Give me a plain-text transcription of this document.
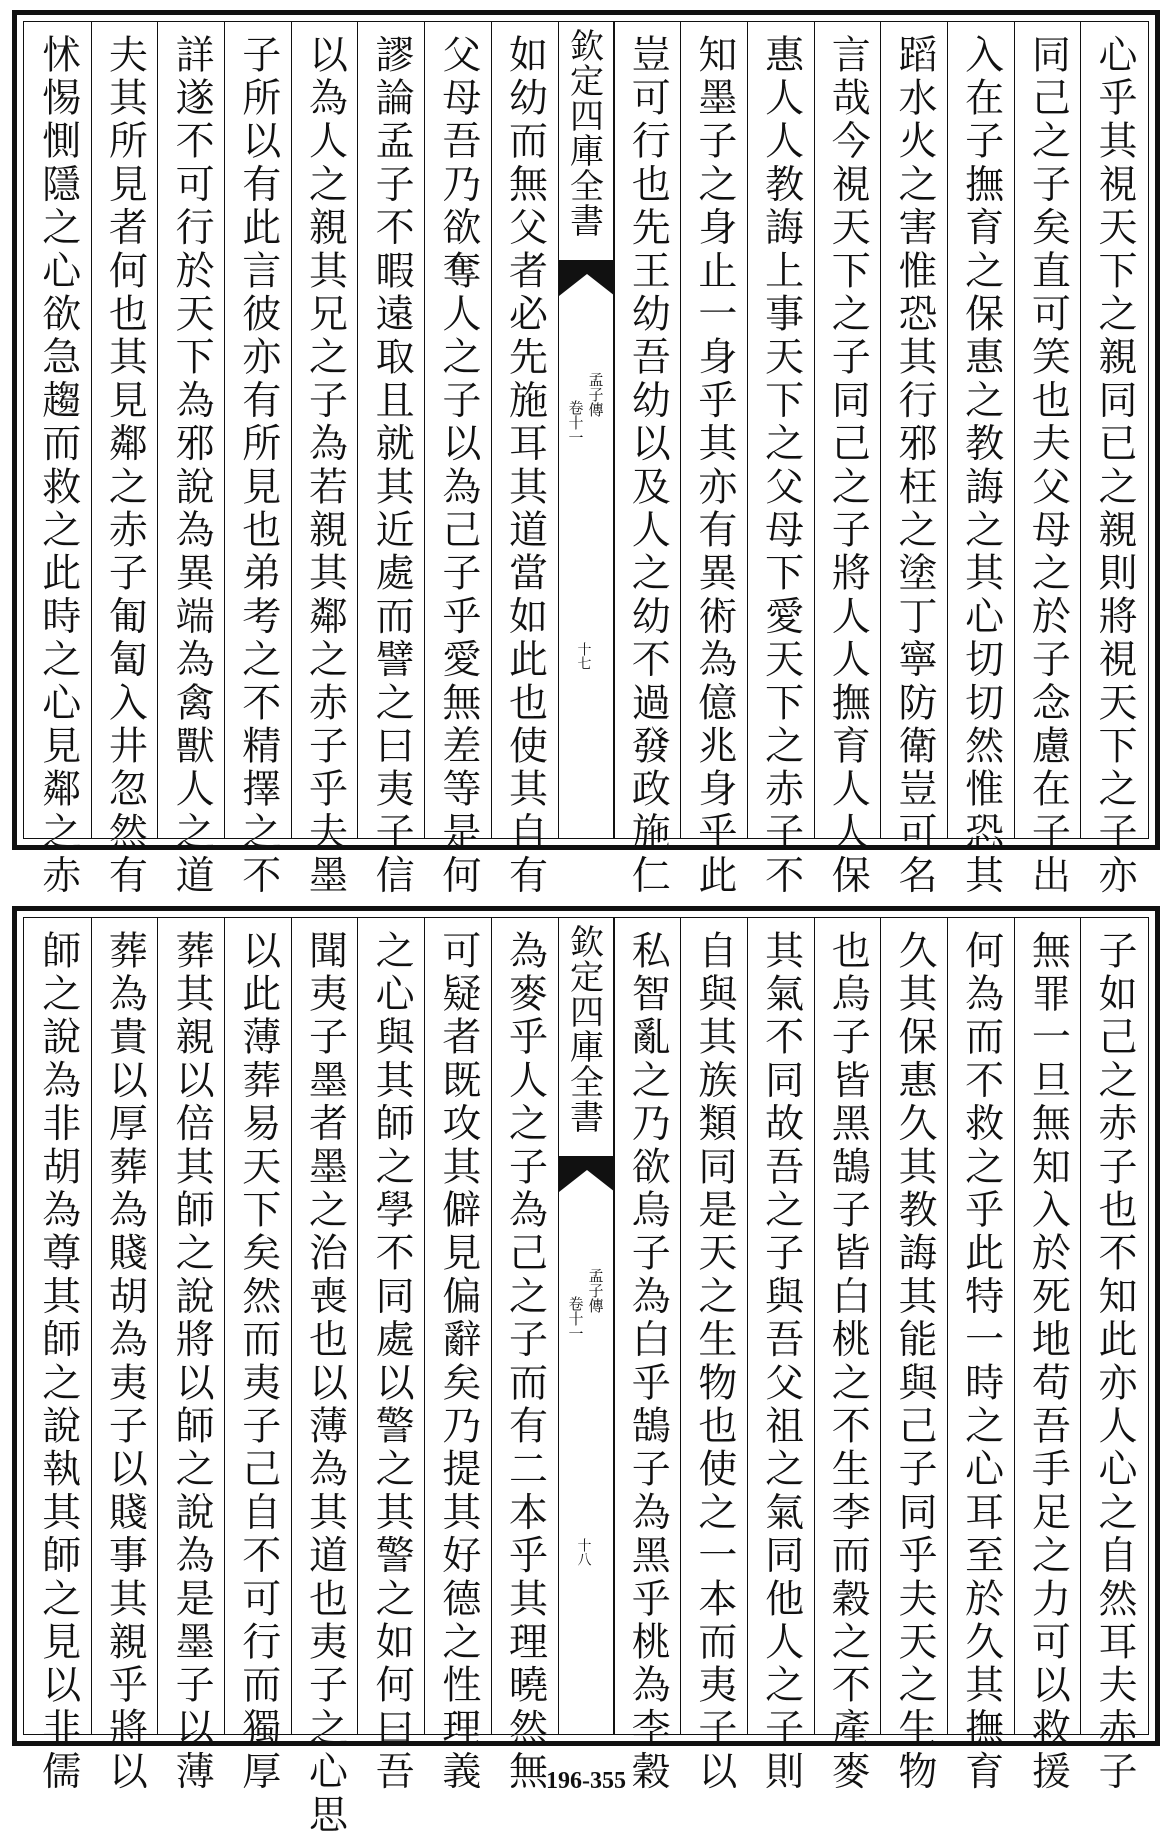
心乎其視天下之親同已之親則將視天下之子亦
同己之子矣直可笑也夫父母之於子念慮在子出
入在子撫育之保惠之教誨之其心切切然惟恐其
蹈水火之害惟恐其行邪枉之塗丁寧防衛豈可名
言哉今視天下之子同己之子將人人撫育人人保
惠人人教誨上事天下之父母下愛天下之赤子不
知墨子之身止一身乎其亦有異術為億兆身乎此
豈可行也先王幼吾幼以及人之幼不過發政施仁
欽定四庫全書
孟子傳
卷十一
十七
如幼而無父者必先施耳其道當如此也使其自有
父母吾乃欲奪人之子以為己子乎愛無差等是何
謬論孟子不暇遠取且就其近處而譬之曰夷子信
以為人之親其兄之子為若親其鄰之赤子乎夫墨
子所以有此言彼亦有所見也弟考之不精擇之不
詳遂不可行於天下為邪說為異端為禽獸人之道
夫其所見者何也其見鄰之赤子匍匐入井忽然有
怵惕惻隱之心欲急趨而救之此時之心見鄰之赤
子如己之赤子也不知此亦人心之自然耳夫赤子
無罪一旦無知入於死地苟吾手足之力可以救援
何為而不救之乎此特一時之心耳至於久其撫育
久其保惠久其教誨其能與己子同乎夫天之生物
也烏子皆黑鵠子皆白桃之不生李而穀之不產麥
其氣不同故吾之子與吾父祖之氣同他人之子則
自與其族類同是天之生物也使之一本而夷子以
私智亂之乃欲烏子為白乎鵠子為黑乎桃為李穀
欽定四庫全書
孟子傳
卷十一
十八
為麥乎人之子為己之子而有二本乎其理曉然無
可疑者既攻其僻見偏辭矣乃提其好德之性理義
之心與其師之學不同處以警之其警之如何曰吾
聞夷子墨者墨之治喪也以薄為其道也夷子之心思
以此薄葬易天下矣然而夷子己自不可行而獨厚
葬其親以倍其師之說將以師之說為是墨子以薄
葬為貴以厚葬為賤胡為夷子以賤事其親乎將以
師之說為非胡為尊其師之說執其師之見以非儒	196-355
